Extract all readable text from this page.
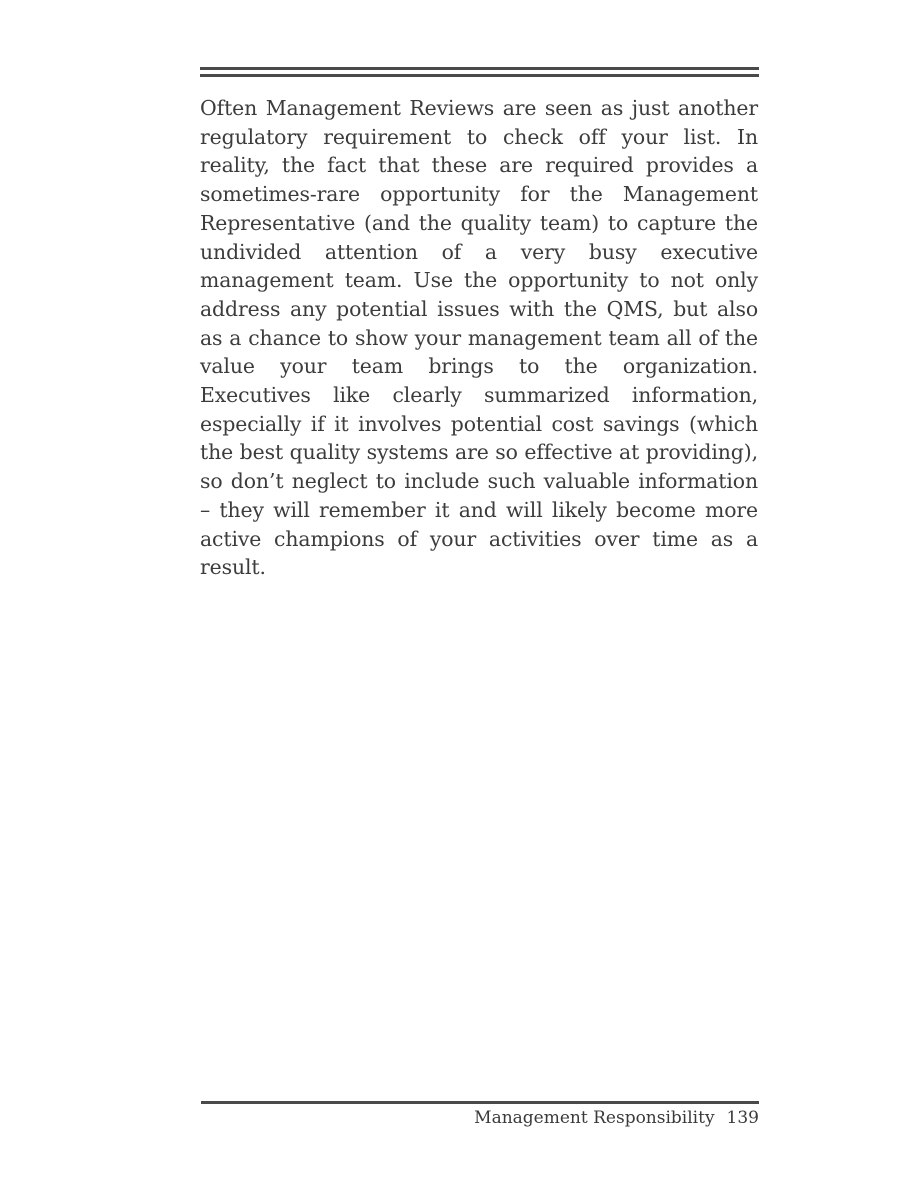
Often Management Reviews are seen as just another regulatory requirement to check off your list. In reality, the fact that these are required provides a sometimes-rare opportunity for the Management Representative (and the quality team) to capture the undivided attention of a very busy executive management team. Use the opportunity to not only address any potential issues with the QMS, but also as a chance to show your management team all of the value your team brings to the organization. Executives like clearly summarized information, especially if it involves potential cost savings (which the best quality systems are so effective at providing), so don’t neglect to include such valuable information – they will remember it and will likely become more active champions of your activities over time as a result.

Management Responsibility 139
